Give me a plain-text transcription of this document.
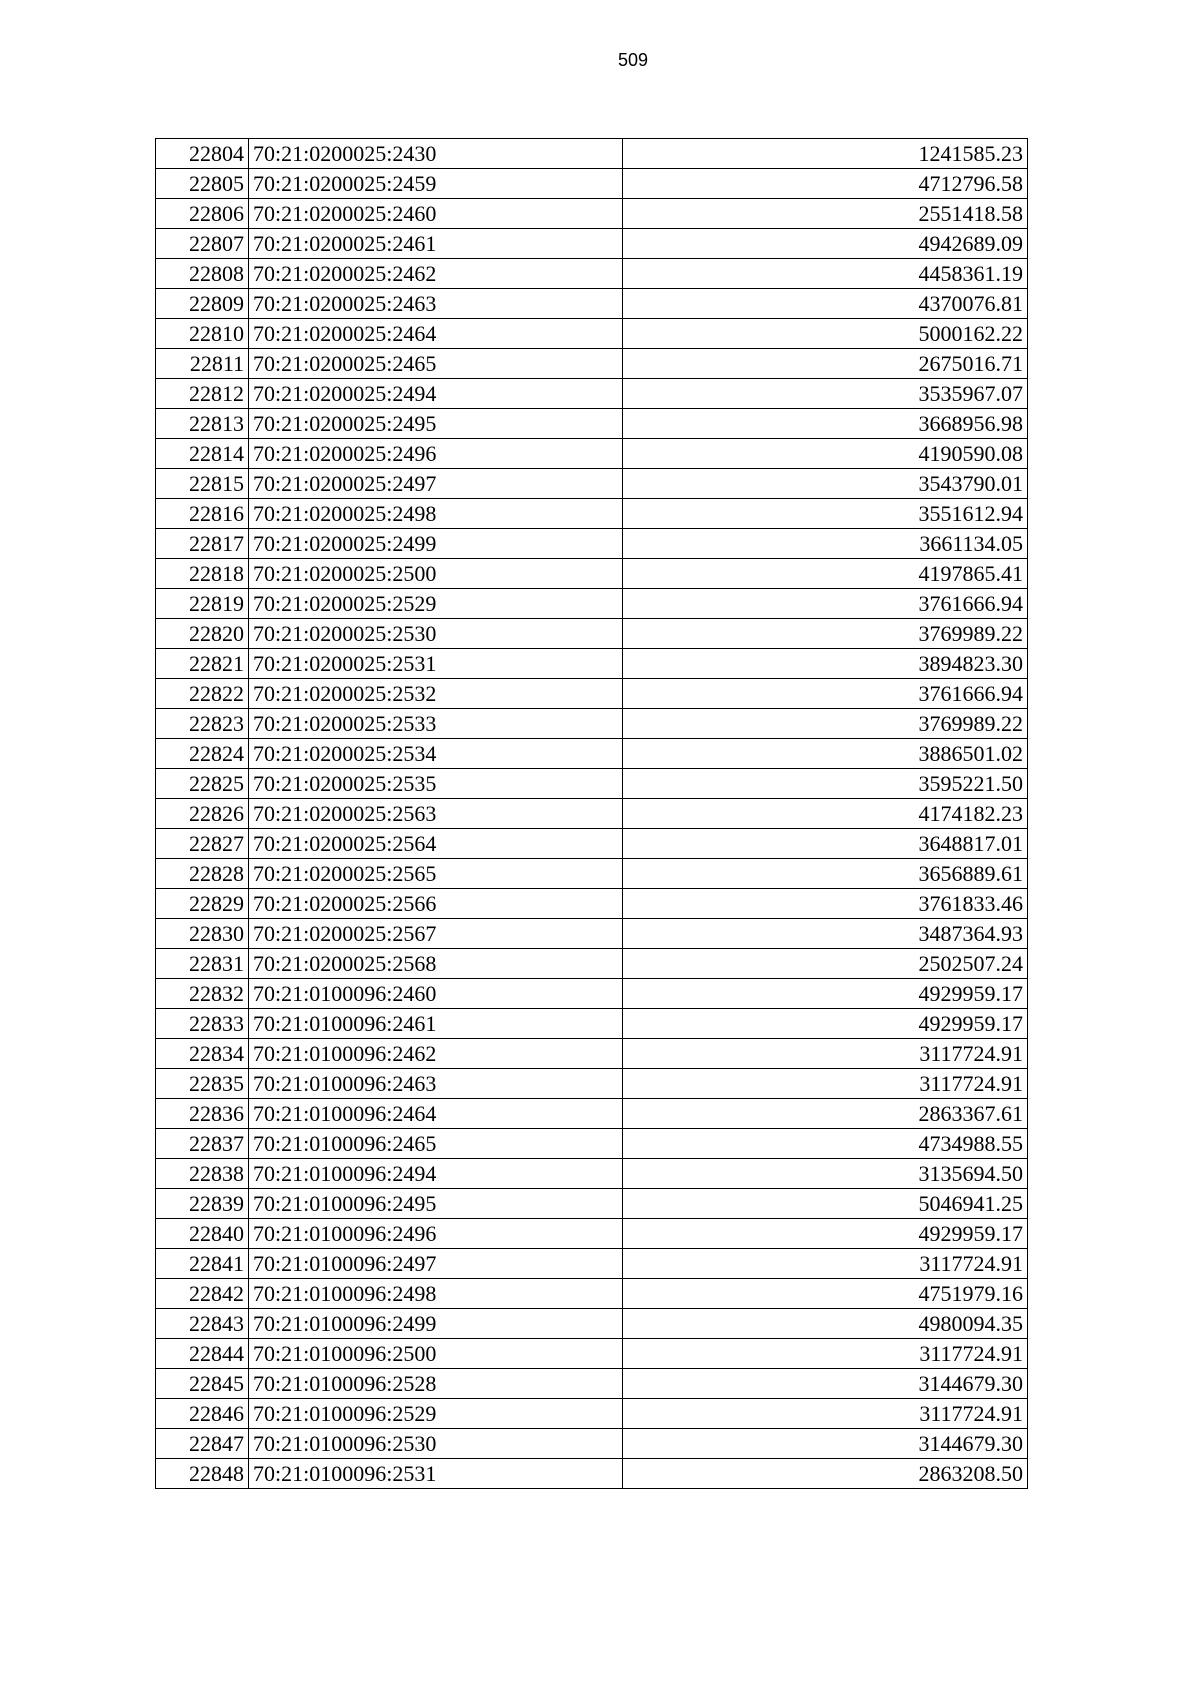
509
22804	70:21:0200025:2430	1241585.23
22805	70:21:0200025:2459	4712796.58
22806	70:21:0200025:2460	2551418.58
22807	70:21:0200025:2461	4942689.09
22808	70:21:0200025:2462	4458361.19
22809	70:21:0200025:2463	4370076.81
22810	70:21:0200025:2464	5000162.22
22811	70:21:0200025:2465	2675016.71
22812	70:21:0200025:2494	3535967.07
22813	70:21:0200025:2495	3668956.98
22814	70:21:0200025:2496	4190590.08
22815	70:21:0200025:2497	3543790.01
22816	70:21:0200025:2498	3551612.94
22817	70:21:0200025:2499	3661134.05
22818	70:21:0200025:2500	4197865.41
22819	70:21:0200025:2529	3761666.94
22820	70:21:0200025:2530	3769989.22
22821	70:21:0200025:2531	3894823.30
22822	70:21:0200025:2532	3761666.94
22823	70:21:0200025:2533	3769989.22
22824	70:21:0200025:2534	3886501.02
22825	70:21:0200025:2535	3595221.50
22826	70:21:0200025:2563	4174182.23
22827	70:21:0200025:2564	3648817.01
22828	70:21:0200025:2565	3656889.61
22829	70:21:0200025:2566	3761833.46
22830	70:21:0200025:2567	3487364.93
22831	70:21:0200025:2568	2502507.24
22832	70:21:0100096:2460	4929959.17
22833	70:21:0100096:2461	4929959.17
22834	70:21:0100096:2462	3117724.91
22835	70:21:0100096:2463	3117724.91
22836	70:21:0100096:2464	2863367.61
22837	70:21:0100096:2465	4734988.55
22838	70:21:0100096:2494	3135694.50
22839	70:21:0100096:2495	5046941.25
22840	70:21:0100096:2496	4929959.17
22841	70:21:0100096:2497	3117724.91
22842	70:21:0100096:2498	4751979.16
22843	70:21:0100096:2499	4980094.35
22844	70:21:0100096:2500	3117724.91
22845	70:21:0100096:2528	3144679.30
22846	70:21:0100096:2529	3117724.91
22847	70:21:0100096:2530	3144679.30
22848	70:21:0100096:2531	2863208.50
